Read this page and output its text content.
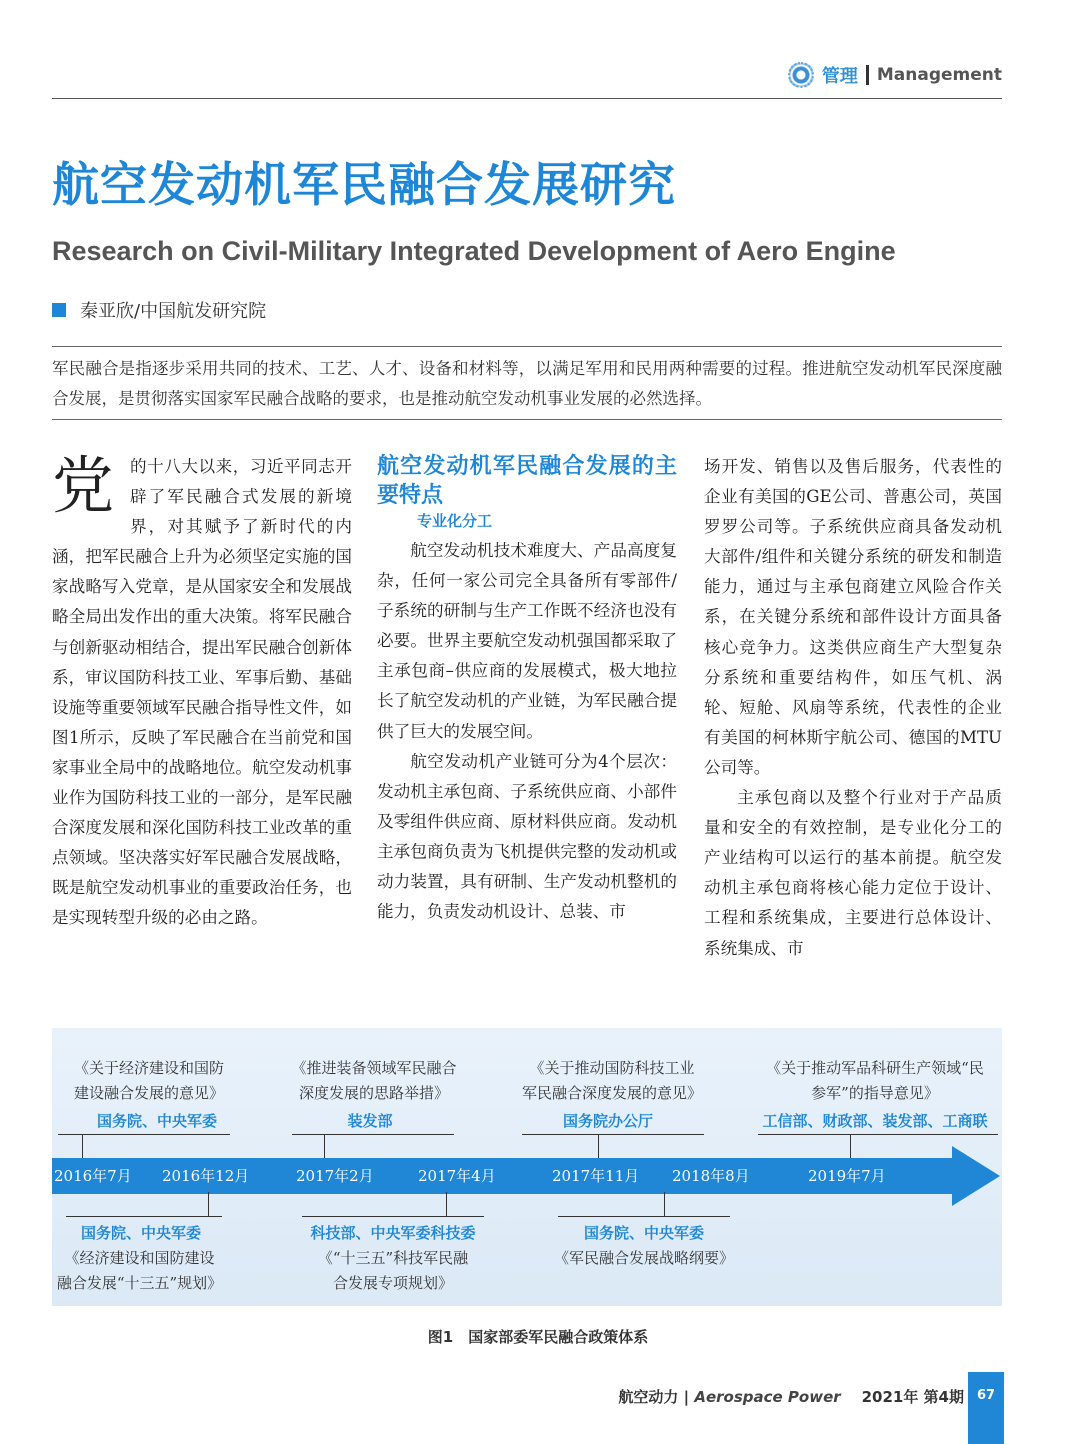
管理 Management
航空发动机军民融合发展研究
Research on Civil-Military Integrated Development of Aero Engine
秦亚欣/中国航发研究院
军民融合是指逐步采用共同的技术、工艺、人才、设备和材料等，以满足军用和民用两种需要的过程。推进航空发动机军民深度融合发展，是贯彻落实国家军民融合战略的要求，也是推动航空发动机事业发展的必然选择。
党 的十八大以来，习近平同志开辟了军民融合式发展的新境界，对其赋予了新时代的内涵，把军民融合上升为必须坚定实施的国家战略写入党章，是从国家安全和发展战略全局出发作出的重大决策。将军民融合与创新驱动相结合，提出军民融合创新体系，审议国防科技工业、军事后勤、基础设施等重要领域军民融合指导性文件，如图1所示，反映了军民融合在当前党和国家事业全局中的战略地位。航空发动机事业作为国防科技工业的一部分，是军民融合深度发展和深化国防科技工业改革的重点领域。坚决落实好军民融合发展战略，既是航空发动机事业的重要政治任务，也是实现转型升级的必由之路。

航空发动机军民融合发展的主要特点
专业化分工

航空发动机技术难度大、产品高度复杂，任何一家公司完全具备所有零部件/子系统的研制与生产工作既不经济也没有必要。世界主要航空发动机强国都采取了主承包商–供应商的发展模式，极大地拉长了航空发动机的产业链，为军民融合提供了巨大的发展空间。

航空发动机产业链可分为4个层次：发动机主承包商、子系统供应商、小部件及零组件供应商、原材料供应商。发动机主承包商负责为飞机提供完整的发动机或动力装置，具有研制、生产发动机整机的能力，负责发动机设计、总装、市

场开发、销售以及售后服务，代表性的企业有美国的GE公司、普惠公司，英国罗罗公司等。子系统供应商具备发动机大部件/组件和关键分系统的研发和制造能力，通过与主承包商建立风险合作关系，在关键分系统和部件设计方面具备核心竞争力。这类供应商生产大型复杂分系统和重要结构件，如压气机、涡轮、短舱、风扇等系统，代表性的企业有美国的柯林斯宇航公司、德国的MTU公司等。

主承包商以及整个行业对于产品质量和安全的有效控制，是专业化分工的产业结构可以运行的基本前提。航空发动机主承包商将核心能力定位于设计、工程和系统集成，主要进行总体设计、系统集成、市

《关于经济建设和国防
建设融合发展的意见》
国务院、中央军委
《推进装备领域军民融合
深度发展的思路举措》
装发部
《关于推动国防科技工业
军民融合深度发展的意见》
国务院办公厅
《关于推动军品科研生产领域“民
参军”的指导意见》
工信部、财政部、装发部、工商联
2016年7月 2016年12月	2017年2月	2017年4月	2017年11月 2018年8月	2019年7月
国务院、中央军委
《经济建设和国防建设
融合发展“十三五”规划》
科技部、中央军委科技委
《“十三五”科技军民融
合发展专项规划》
国务院、中央军委
《军民融合发展战略纲要》
图1　国家部委军民融合政策体系
航空动力 | Aerospace Power 2021年 第4期 67
